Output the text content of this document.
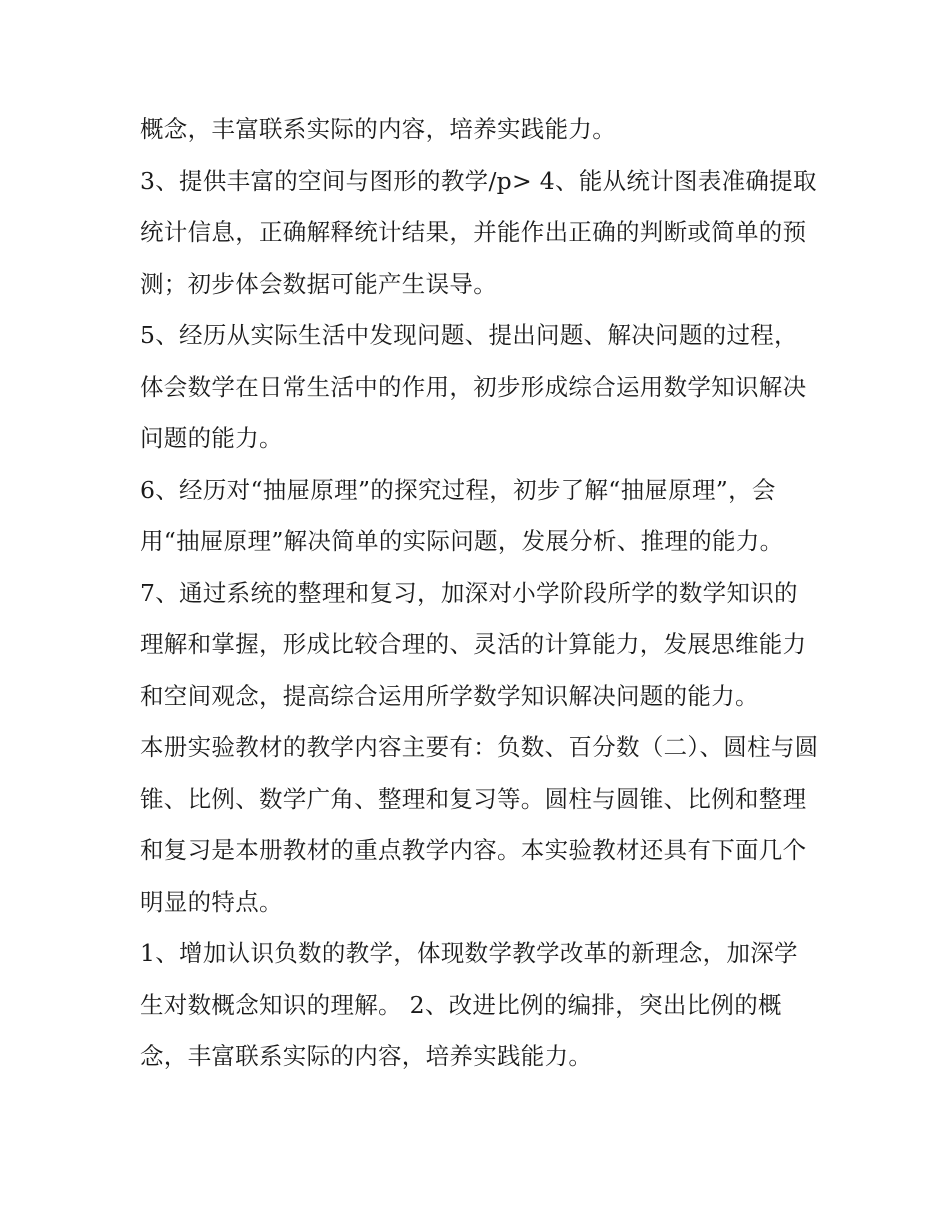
概念，丰富联系实际的内容，培养实践能力。

3、提供丰富的空间与图形的教学/p> 4、能从统计图表准确提取统计信息，正确解释统计结果，并能作出正确的判断或简单的预测；初步体会数据可能产生误导。

5、经历从实际生活中发现问题、提出问题、解决问题的过程，体会数学在日常生活中的作用，初步形成综合运用数学知识解决问题的能力。

6、经历对“抽屉原理”的探究过程，初步了解“抽屉原理”，会用“抽屉原理”解决简单的实际问题，发展分析、推理的能力。

7、通过系统的整理和复习，加深对小学阶段所学的数学知识的理解和掌握，形成比较合理的、灵活的计算能力，发展思维能力和空间观念，提高综合运用所学数学知识解决问题的能力。

本册实验教材的教学内容主要有：负数、百分数（二）、圆柱与圆锥、比例、数学广角、整理和复习等。圆柱与圆锥、比例和整理和复习是本册教材的重点教学内容。本实验教材还具有下面几个明显的特点。

1、增加认识负数的教学，体现数学教学改革的新理念，加深学生对数概念知识的理解。 2、改进比例的编排，突出比例的概念，丰富联系实际的内容，培养实践能力。
